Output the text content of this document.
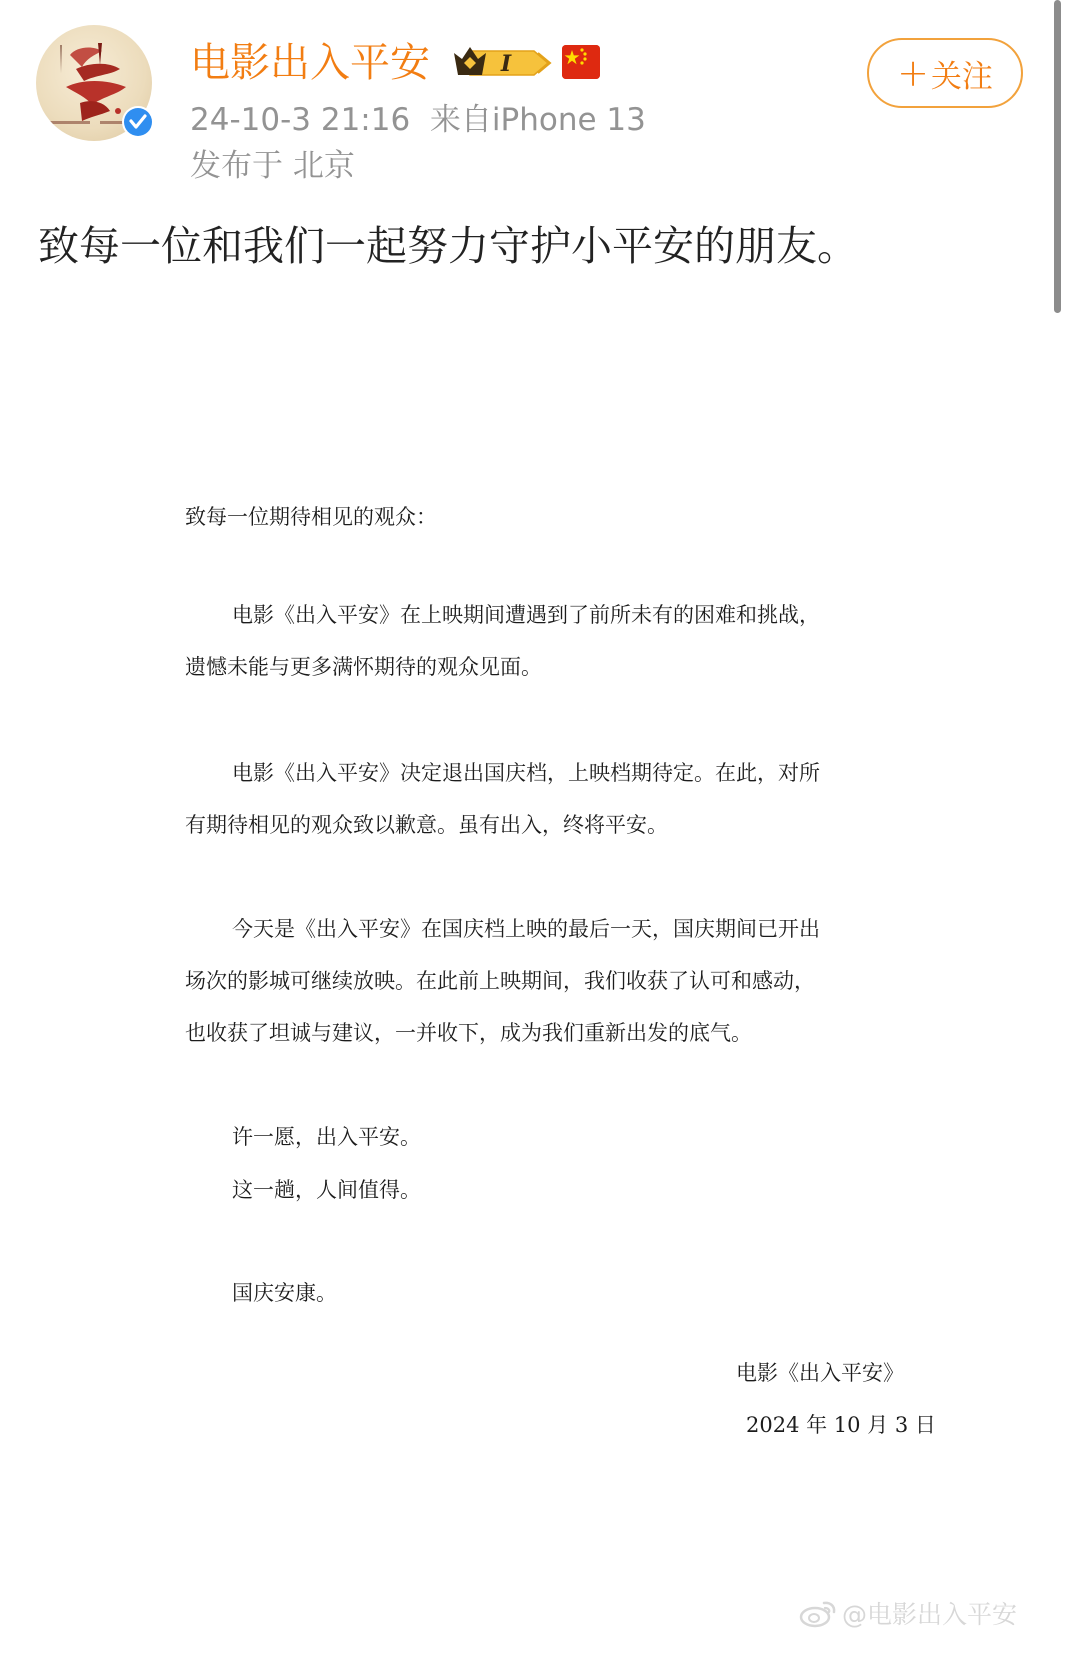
电影出入平安	I
24-10-3 21:16 来自iPhone 13
发布于 北京
+ 关注
致每一位和我们一起努力守护小平安的朋友。
致每一位期待相见的观众：
电影《出入平安》在上映期间遭遇到了前所未有的困难和挑战，
遗憾未能与更多满怀期待的观众见面。
电影《出入平安》决定退出国庆档，上映档期待定。在此，对所
有期待相见的观众致以歉意。虽有出入，终将平安。
今天是《出入平安》在国庆档上映的最后一天，国庆期间已开出
场次的影城可继续放映。在此前上映期间，我们收获了认可和感动，
也收获了坦诚与建议，一并收下，成为我们重新出发的底气。
许一愿，出入平安。
这一趟，人间值得。
国庆安康。
电影《出入平安》
2024 年 10 月 3 日
@电影出入平安
